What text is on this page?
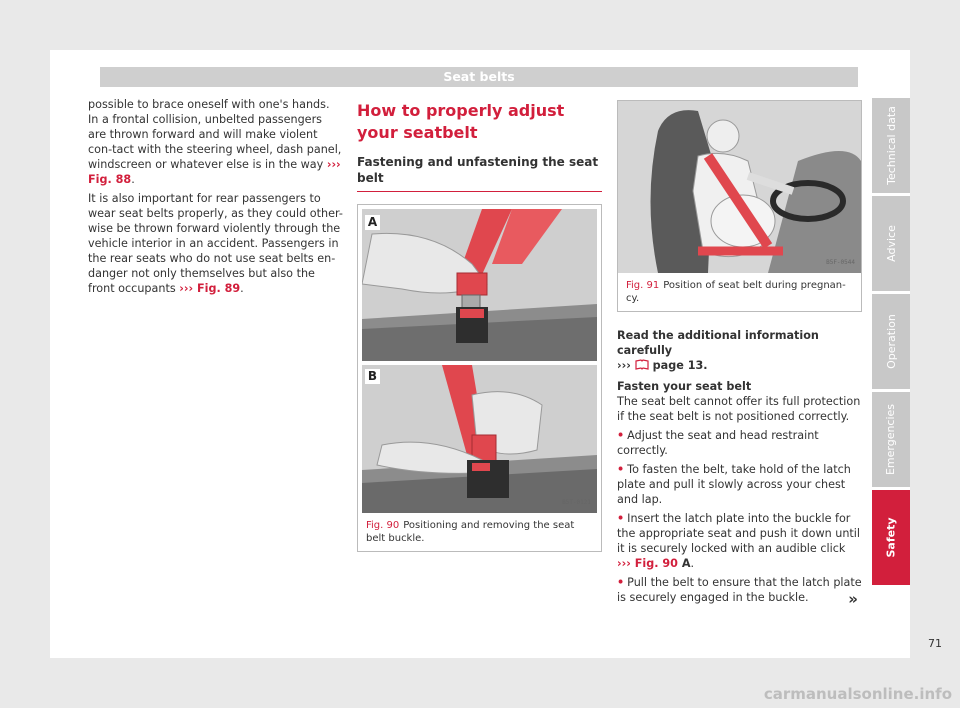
Seat belts

possible to brace oneself with one's hands. In a frontal collision, unbelted passengers are thrown forward and will make violent con-tact with the steering wheel, dash panel, windscreen or whatever else is in the way ››› Fig. 88.

It is also important for rear passengers to wear seat belts properly, as they could other-wise be thrown forward violently through the vehicle interior in an accident. Passengers in the rear seats who do not use seat belts en-danger not only themselves but also the front occupants ››› Fig. 89.

How to properly adjust your seatbelt
Fastening and unfastening the seat belt
A
B
B5T-0121
Fig. 90 Positioning and removing the seat belt buckle.
B5F-0544
Fig. 91 Position of seat belt during pregnan-cy.

Read the additional information carefully

›››  page 13.

Fasten your seat belt

The seat belt cannot offer its full protection if the seat belt is not positioned correctly.

• Adjust the seat and head restraint correctly.

• To fasten the belt, take hold of the latch plate and pull it slowly across your chest and lap.

• Insert the latch plate into the buckle for the appropriate seat and push it down until it is securely locked with an audible click ››› Fig. 90 A.

• Pull the belt to ensure that the latch plate is securely engaged in the buckle.	»
Technical data
Advice
Operation
Emergencies
Safety
71
carmanualsonline.info
